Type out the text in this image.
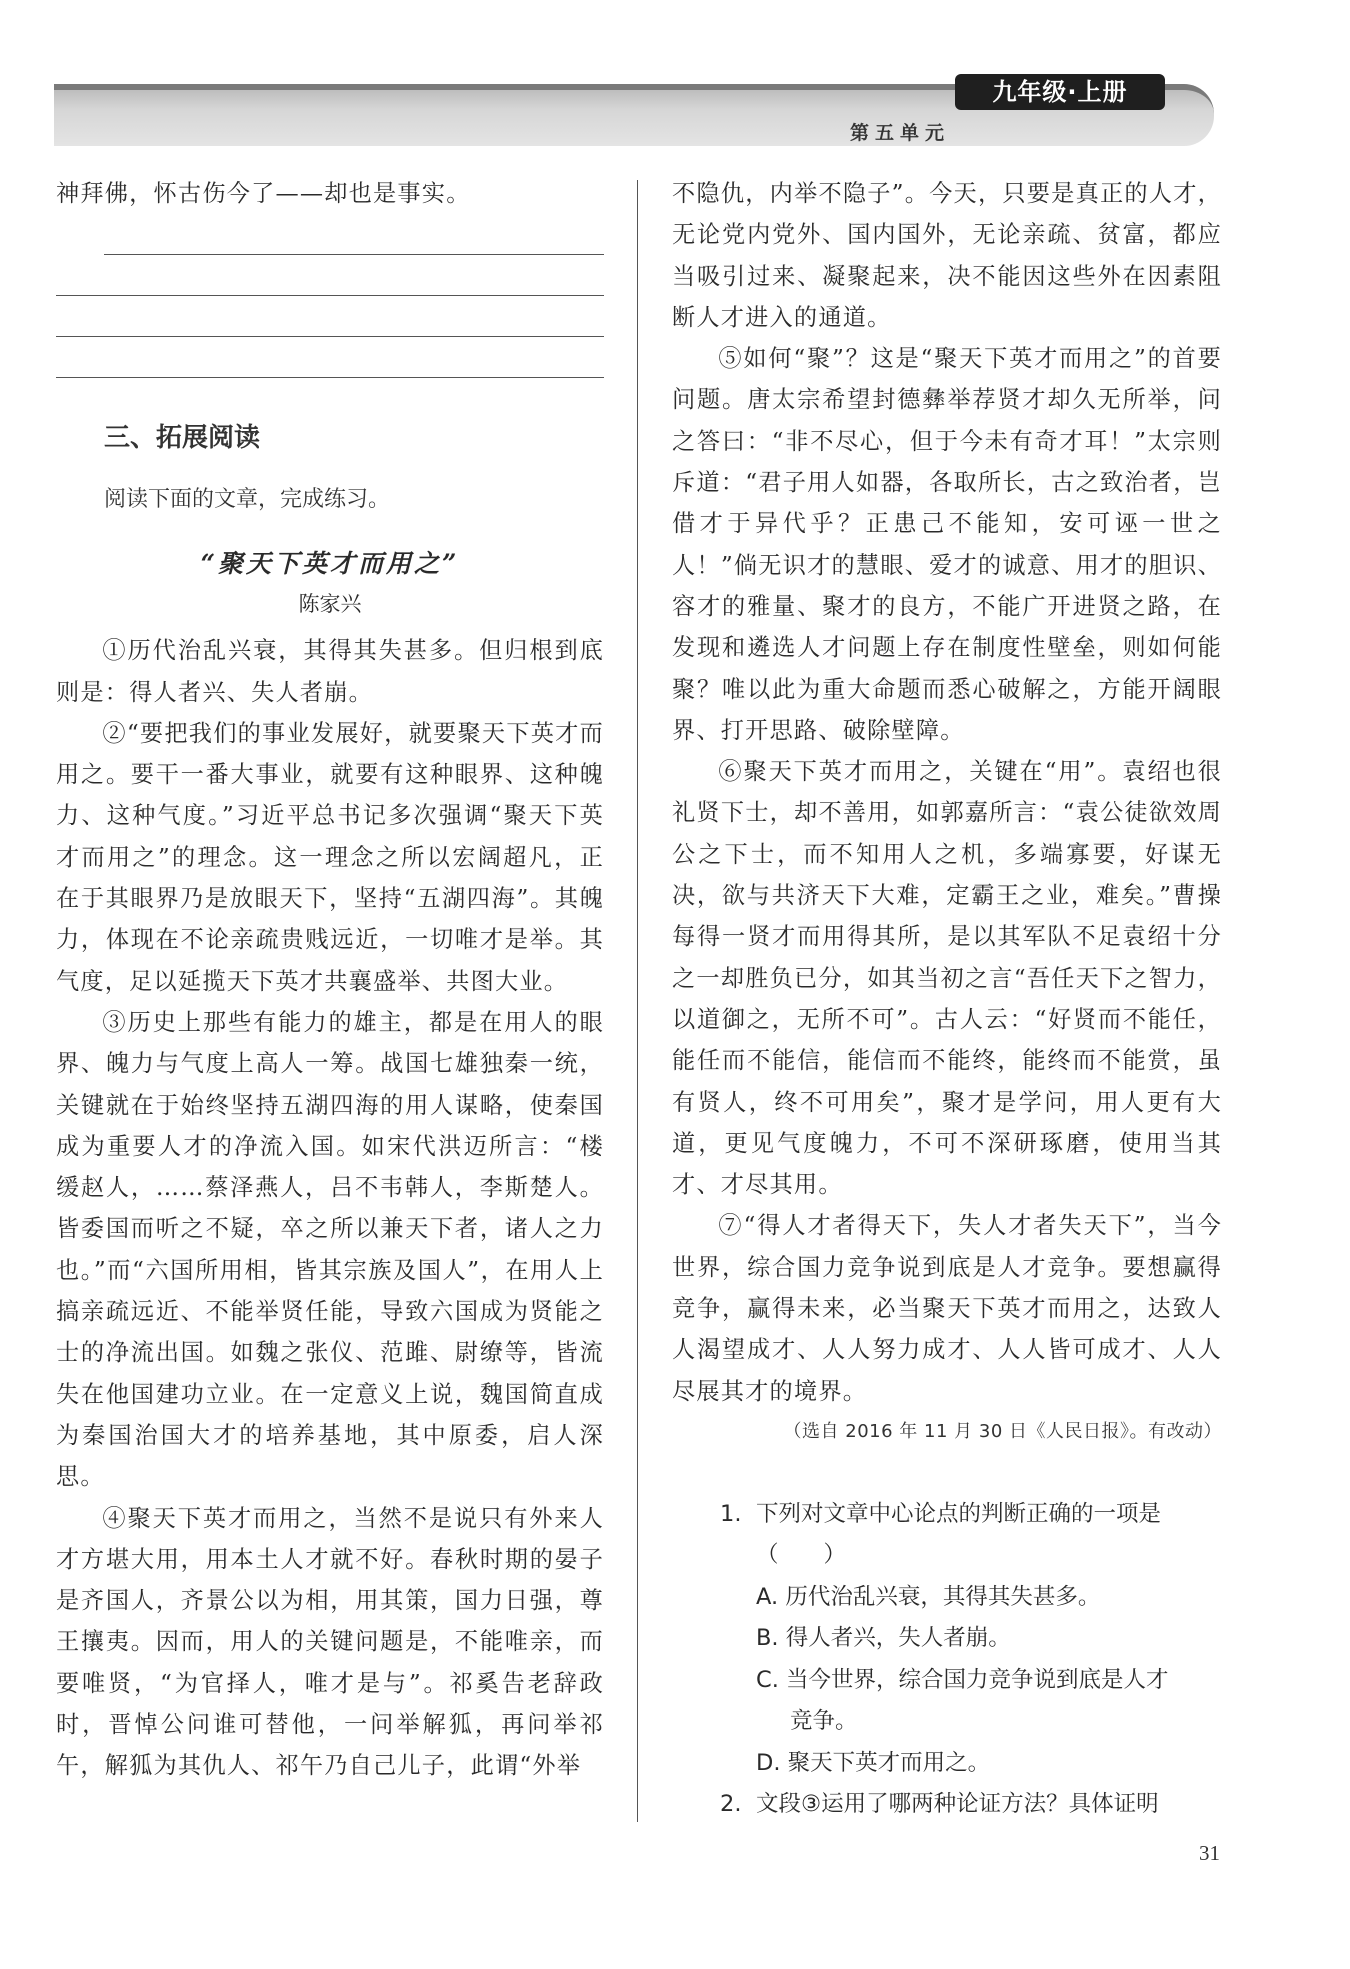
九年级·上册
第五单元

神拜佛，怀古伤今了——却也是事实。

三、拓展阅读
阅读下面的文章，完成练习。
“聚天下英才而用之”
陈家兴

①历代治乱兴衰，其得其失甚多。但归根到底则是：得人者兴、失人者崩。

②“要把我们的事业发展好，就要聚天下英才而用之。要干一番大事业，就要有这种眼界、这种魄力、这种气度。”习近平总书记多次强调“聚天下英才而用之”的理念。这一理念之所以宏阔超凡，正在于其眼界乃是放眼天下，坚持“五湖四海”。其魄力，体现在不论亲疏贵贱远近，一切唯才是举。其气度，足以延揽天下英才共襄盛举、共图大业。

③历史上那些有能力的雄主，都是在用人的眼界、魄力与气度上高人一筹。战国七雄独秦一统，关键就在于始终坚持五湖四海的用人谋略，使秦国成为重要人才的净流入国。如宋代洪迈所言：“楼缓赵人，……蔡泽燕人，吕不韦韩人，李斯楚人。皆委国而听之不疑，卒之所以兼天下者，诸人之力也。”而“六国所用相，皆其宗族及国人”，在用人上搞亲疏远近、不能举贤任能，导致六国成为贤能之士的净流出国。如魏之张仪、范雎、尉缭等，皆流失在他国建功立业。在一定意义上说，魏国简直成为秦国治国大才的培养基地，其中原委，启人深思。

④聚天下英才而用之，当然不是说只有外来人才方堪大用，用本土人才就不好。春秋时期的晏子是齐国人，齐景公以为相，用其策，国力日强，尊王攘夷。因而，用人的关键问题是，不能唯亲，而要唯贤，“为官择人，唯才是与”。祁奚告老辞政时，晋悼公问谁可替他，一问举解狐，再问举祁午，解狐为其仇人、祁午乃自己儿子，此谓“外举

不隐仇，内举不隐子”。今天，只要是真正的人才，无论党内党外、国内国外，无论亲疏、贫富，都应当吸引过来、凝聚起来，决不能因这些外在因素阻断人才进入的通道。

⑤如何“聚”？这是“聚天下英才而用之”的首要问题。唐太宗希望封德彝举荐贤才却久无所举，问之答曰：“非不尽心，但于今未有奇才耳！”太宗则斥道：“君子用人如器，各取所长，古之致治者，岂借才于异代乎？正患己不能知，安可诬一世之人！”倘无识才的慧眼、爱才的诚意、用才的胆识、容才的雅量、聚才的良方，不能广开进贤之路，在发现和遴选人才问题上存在制度性壁垒，则如何能聚？唯以此为重大命题而悉心破解之，方能开阔眼界、打开思路、破除壁障。

⑥聚天下英才而用之，关键在“用”。袁绍也很礼贤下士，却不善用，如郭嘉所言：“袁公徒欲效周公之下士，而不知用人之机，多端寡要，好谋无决，欲与共济天下大难，定霸王之业，难矣。”曹操每得一贤才而用得其所，是以其军队不足袁绍十分之一却胜负已分，如其当初之言“吾任天下之智力，以道御之，无所不可”。古人云：“好贤而不能任，能任而不能信，能信而不能终，能终而不能赏，虽有贤人，终不可用矣”，聚才是学问，用人更有大道，更见气度魄力，不可不深研琢磨，使用当其才、才尽其用。

⑦“得人才者得天下，失人才者失天下”，当今世界，综合国力竞争说到底是人才竞争。要想赢得竞争，赢得未来，必当聚天下英才而用之，达致人人渴望成才、人人努力成才、人人皆可成才、人人尽展其才的境界。

（选自 2016 年 11 月 30 日《人民日报》。有改动）
1. 下列对文章中心论点的判断正确的一项是
（　　）
A. 历代治乱兴衰，其得其失甚多。
B. 得人者兴，失人者崩。
C. 当今世界，综合国力竞争说到底是人才
竞争。
D. 聚天下英才而用之。
2. 文段③运用了哪两种论证方法？具体证明
31
